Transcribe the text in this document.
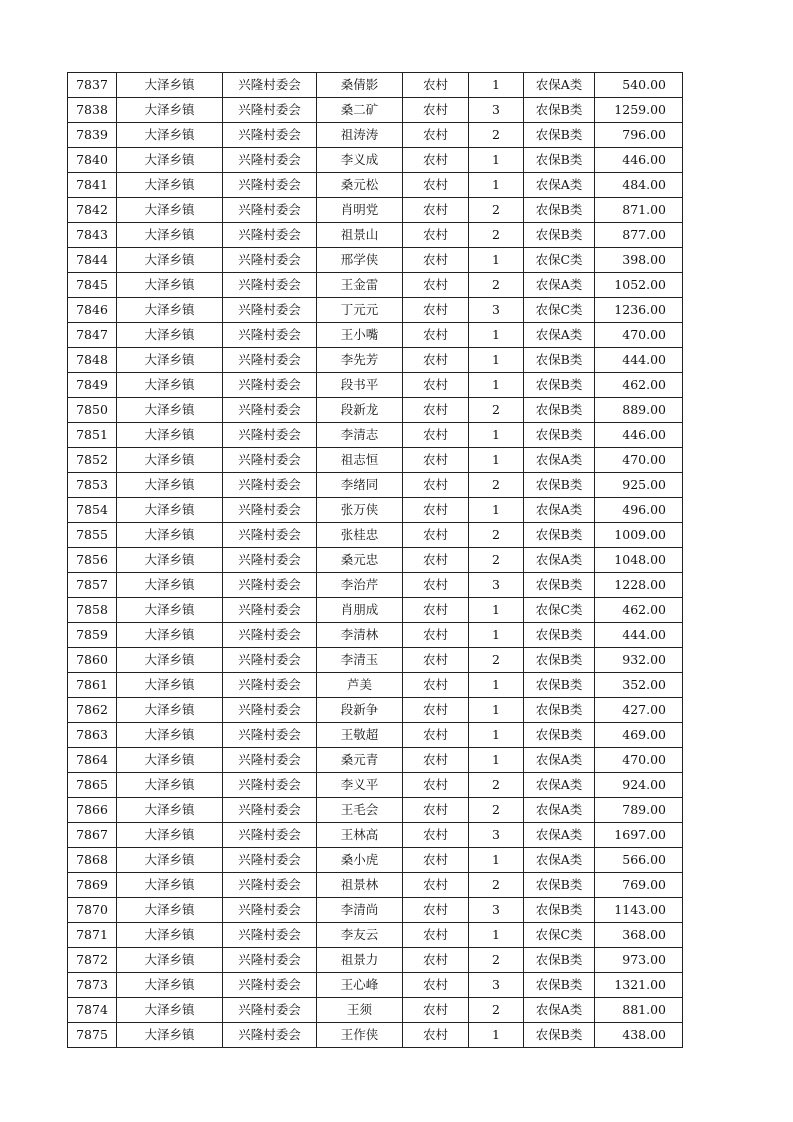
7837	大泽乡镇	兴隆村委会	桑倩影	农村	1	农保A类	540.00
7838	大泽乡镇	兴隆村委会	桑二矿	农村	3	农保B类	1259.00
7839	大泽乡镇	兴隆村委会	祖涛涛	农村	2	农保B类	796.00
7840	大泽乡镇	兴隆村委会	李义成	农村	1	农保B类	446.00
7841	大泽乡镇	兴隆村委会	桑元松	农村	1	农保A类	484.00
7842	大泽乡镇	兴隆村委会	肖明党	农村	2	农保B类	871.00
7843	大泽乡镇	兴隆村委会	祖景山	农村	2	农保B类	877.00
7844	大泽乡镇	兴隆村委会	邢学侠	农村	1	农保C类	398.00
7845	大泽乡镇	兴隆村委会	王金雷	农村	2	农保A类	1052.00
7846	大泽乡镇	兴隆村委会	丁元元	农村	3	农保C类	1236.00
7847	大泽乡镇	兴隆村委会	王小嘴	农村	1	农保A类	470.00
7848	大泽乡镇	兴隆村委会	李先芳	农村	1	农保B类	444.00
7849	大泽乡镇	兴隆村委会	段书平	农村	1	农保B类	462.00
7850	大泽乡镇	兴隆村委会	段新龙	农村	2	农保B类	889.00
7851	大泽乡镇	兴隆村委会	李清志	农村	1	农保B类	446.00
7852	大泽乡镇	兴隆村委会	祖志恒	农村	1	农保A类	470.00
7853	大泽乡镇	兴隆村委会	李绪同	农村	2	农保B类	925.00
7854	大泽乡镇	兴隆村委会	张万侠	农村	1	农保A类	496.00
7855	大泽乡镇	兴隆村委会	张桂忠	农村	2	农保B类	1009.00
7856	大泽乡镇	兴隆村委会	桑元忠	农村	2	农保A类	1048.00
7857	大泽乡镇	兴隆村委会	李治芹	农村	3	农保B类	1228.00
7858	大泽乡镇	兴隆村委会	肖朋成	农村	1	农保C类	462.00
7859	大泽乡镇	兴隆村委会	李清林	农村	1	农保B类	444.00
7860	大泽乡镇	兴隆村委会	李清玉	农村	2	农保B类	932.00
7861	大泽乡镇	兴隆村委会	芦美	农村	1	农保B类	352.00
7862	大泽乡镇	兴隆村委会	段新争	农村	1	农保B类	427.00
7863	大泽乡镇	兴隆村委会	王敬超	农村	1	农保B类	469.00
7864	大泽乡镇	兴隆村委会	桑元青	农村	1	农保A类	470.00
7865	大泽乡镇	兴隆村委会	李义平	农村	2	农保A类	924.00
7866	大泽乡镇	兴隆村委会	王毛会	农村	2	农保A类	789.00
7867	大泽乡镇	兴隆村委会	王林高	农村	3	农保A类	1697.00
7868	大泽乡镇	兴隆村委会	桑小虎	农村	1	农保A类	566.00
7869	大泽乡镇	兴隆村委会	祖景林	农村	2	农保B类	769.00
7870	大泽乡镇	兴隆村委会	李清尚	农村	3	农保B类	1143.00
7871	大泽乡镇	兴隆村委会	李友云	农村	1	农保C类	368.00
7872	大泽乡镇	兴隆村委会	祖景力	农村	2	农保B类	973.00
7873	大泽乡镇	兴隆村委会	王心峰	农村	3	农保B类	1321.00
7874	大泽乡镇	兴隆村委会	王须	农村	2	农保A类	881.00
7875	大泽乡镇	兴隆村委会	王作侠	农村	1	农保B类	438.00
